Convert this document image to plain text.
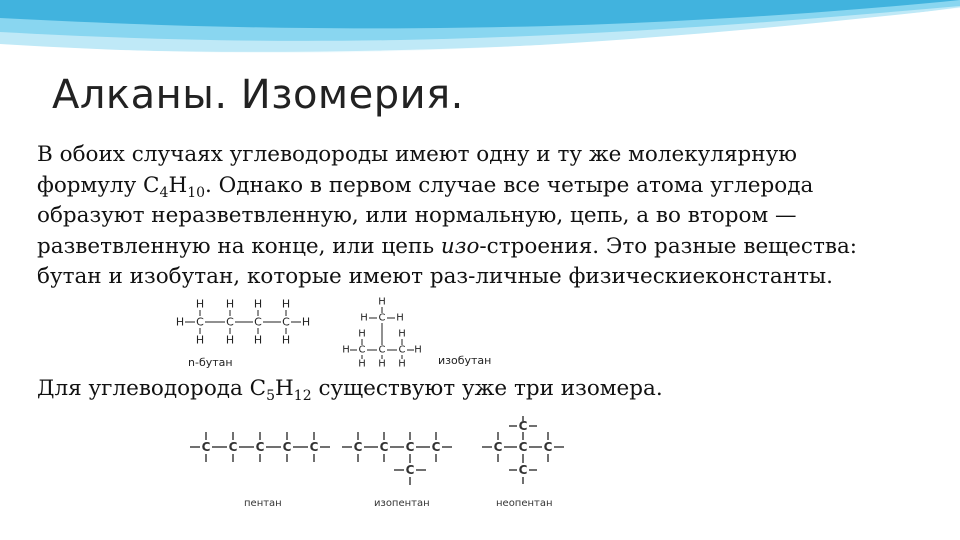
Алканы. Изомерия.

В обоих случаях углеводороды имеют одну и ту же молекулярную

формулу $С_4Н_{10}$. Однако в первом случае все четыре атома углерода

образуют неразветвленную, или нормальную, цепь, а во втором —

разветвленную на конце, или цепь изо-строения. Это разные вещества:

бутан и изобутан, которые имеют раз-личные физическиеконстанты.

H C
H
H
C
H
H
C
H
H
C
H
H
H
H C
H
H
C
H
C
H
H
H
C
H	H
H
n-бутан	изобутан
Для углеводорода $С_5Н_{12}$ существуют уже три изомера.
C C C C C	C C C C
C
C C C
C
C
пентан	изопентан	неопентан
